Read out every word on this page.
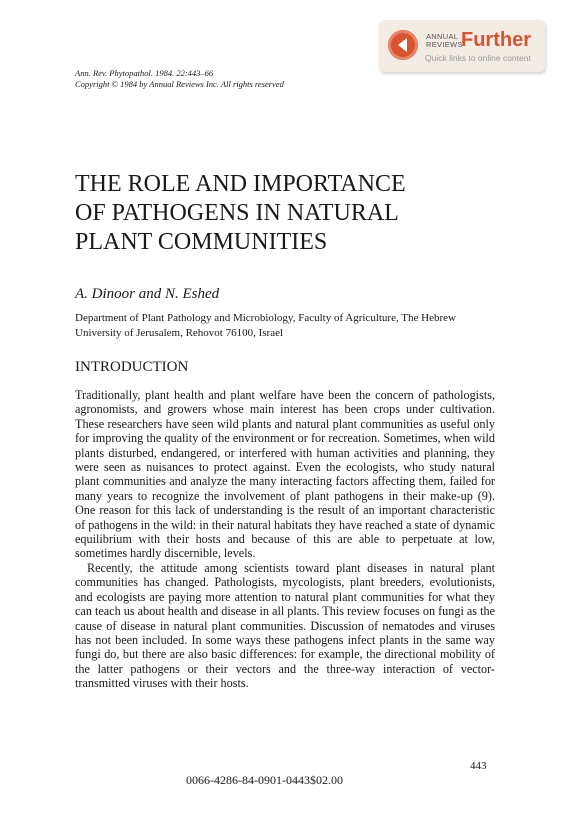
ANNUAL
REVIEWS
Further
Quick links to online content
Ann. Rev. Phytopathol. 1984. 22:443–66
Copyright © 1984 by Annual Reviews Inc. All rights reserved
THE ROLE AND IMPORTANCE
OF PATHOGENS IN NATURAL
PLANT COMMUNITIES
A. Dinoor and N. Eshed
Department of Plant Pathology and Microbiology, Faculty of Agriculture, The Hebrew
University of Jerusalem, Rehovot 76100, Israel
INTRODUCTION

Traditionally, plant health and plant welfare have been the concern of pathologists, agronomists, and growers whose main interest has been crops under cultivation. These researchers have seen wild plants and natural plant communities as useful only for improving the quality of the environment or for recreation. Sometimes, when wild plants disturbed, endangered, or interfered with human activities and planning, they were seen as nuisances to protect against. Even the ecologists, who study natural plant communities and analyze the many interacting factors affecting them, failed for many years to recognize the involvement of plant pathogens in their make-up (9). One reason for this lack of understanding is the result of an important characteristic of pathogens in the wild: in their natural habitats they have reached a state of dynamic equilibrium with their hosts and because of this are able to perpetuate at low, sometimes hardly discernible, levels.

Recently, the attitude among scientists toward plant diseases in natural plant communities has changed. Pathologists, mycologists, plant breeders, evolutionists, and ecologists are paying more attention to natural plant communities for what they can teach us about health and disease in all plants. This review focuses on fungi as the cause of disease in natural plant communities. Discussion of nematodes and viruses has not been included. In some ways these pathogens infect plants in the same way fungi do, but there are also basic differences: for example, the directional mobility of the latter pathogens or their vectors and the three-way interaction of vector-transmitted viruses with their hosts.

443
0066-4286-84-0901-0443$02.00
